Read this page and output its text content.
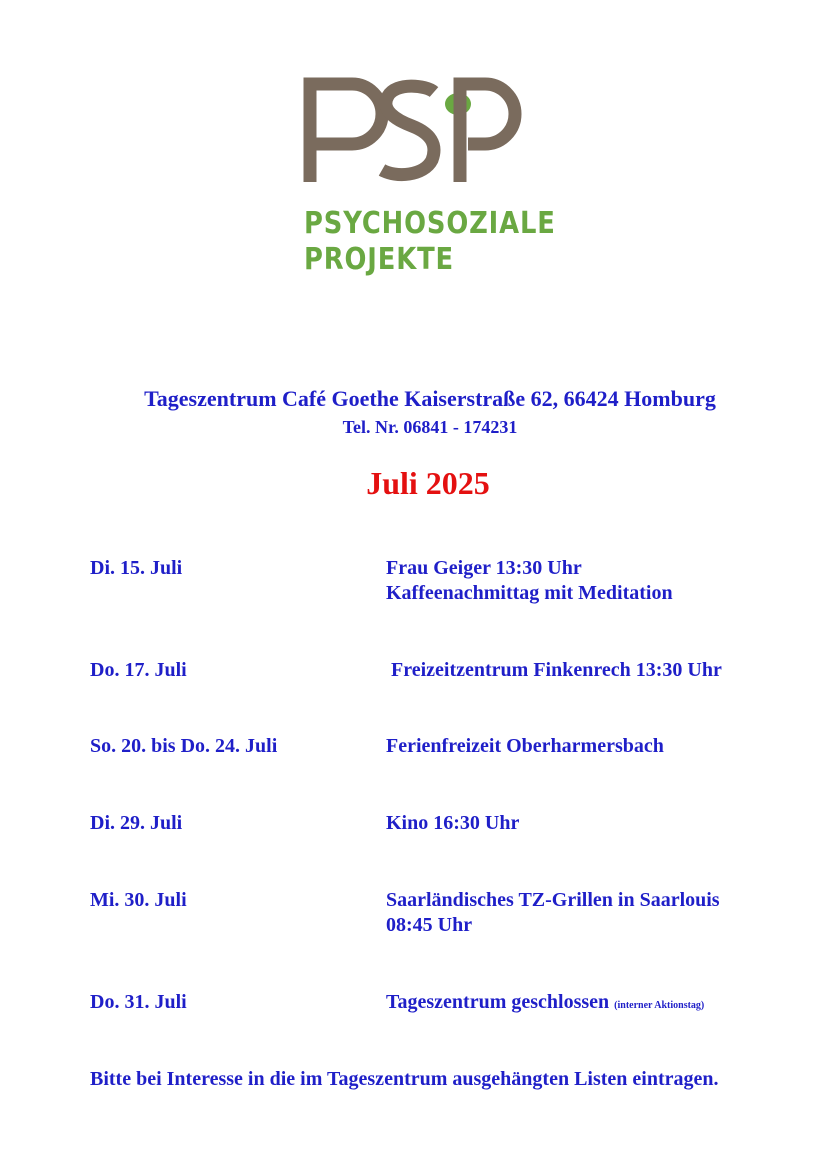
PSYCHOSOZIALE
PROJEKTE
Tageszentrum Café Goethe Kaiserstraße 62, 66424 Homburg
Tel. Nr. 06841 - 174231
Juli 2025
Di. 15. Juli	Frau Geiger 13:30 Uhr
Kaffeenachmittag mit Meditation
Do. 17. Juli	Freizeitzentrum Finkenrech 13:30 Uhr
So. 20. bis Do. 24. Juli	Ferienfreizeit Oberharmersbach
Di. 29. Juli	Kino 16:30 Uhr
Mi. 30. Juli	Saarländisches TZ-Grillen in Saarlouis
08:45 Uhr
Do. 31. Juli	Tageszentrum geschlossen (interner Aktionstag)
Bitte bei Interesse in die im Tageszentrum ausgehängten Listen eintragen.
